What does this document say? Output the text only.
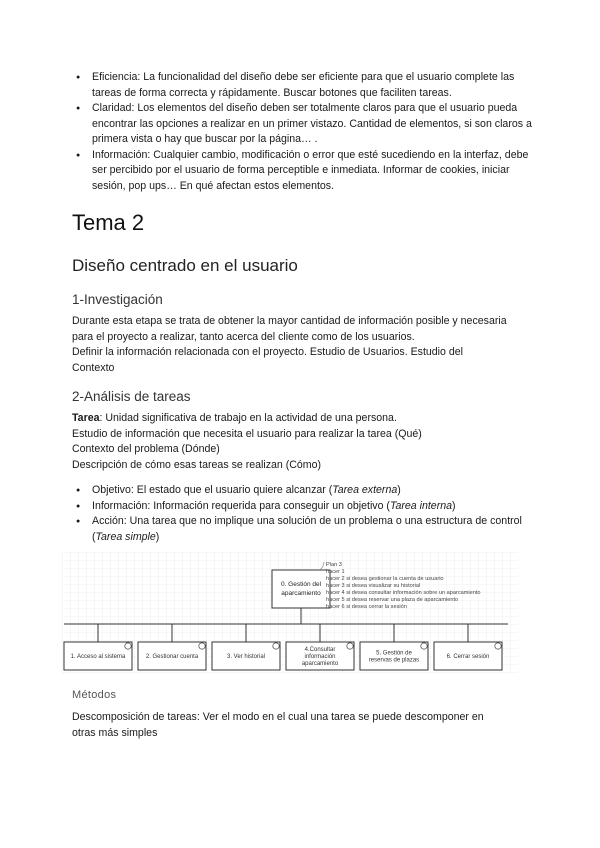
● Eficiencia: La funcionalidad del diseño debe ser eficiente para que el usuario complete las tareas de forma correcta y rápidamente. Buscar botones que faciliten tareas.
● Claridad: Los elementos del diseño deben ser totalmente claros para que el usuario pueda encontrar las opciones a realizar en un primer vistazo. Cantidad de elementos, si son claros a primera vista o hay que buscar por la página… .
● Información: Cualquier cambio, modificación o error que esté sucediendo en la interfaz, debe ser percibido por el usuario de forma perceptible e inmediata. Informar de cookies, iniciar sesión, pop ups… En qué afectan estos elementos.
Tema 2
Diseño centrado en el usuario
1-Investigación
Durante esta etapa se trata de obtener la mayor cantidad de información posible y necesaria
para el proyecto a realizar, tanto acerca del cliente como de los usuarios.
Definir la información relacionada con el proyecto. Estudio de Usuarios. Estudio del
Contexto
2-Análisis de tareas
Tarea: Unidad significativa de trabajo en la actividad de una persona.
Estudio de información que necesita el usuario para realizar la tarea (Qué)
Contexto del problema (Dónde)
Descripción de cómo esas tareas se realizan (Cómo)
● Objetivo: El estado que el usuario quiere alcanzar (Tarea externa)
● Información: Información requerida para conseguir un objetivo (Tarea interna)
● Acción: Una tarea que no implique una solución de un problema o una estructura de control (Tarea simple)
0. Gestión del
aparcamiento
Plan 3
hacer 1
hacer 2 si desea gestionar la cuenta de usuario
hacer 3 si desea visualizar su historial
hacer 4 si desea consultar información sobre un aparcamiento
hacer 5 si desea reservar una plaza de aparcamiento
hacer 6 si desea cerrar la sesión
1. Acceso al sistema	2. Gestionar cuenta	3. Ver historial
4.Consultar
información
aparcamiento
5. Gestión de
reservas de plazas
6. Cerrar sesión
Métodos
Descomposición de tareas: Ver el modo en el cual una tarea se puede descomponer en
otras más simples
